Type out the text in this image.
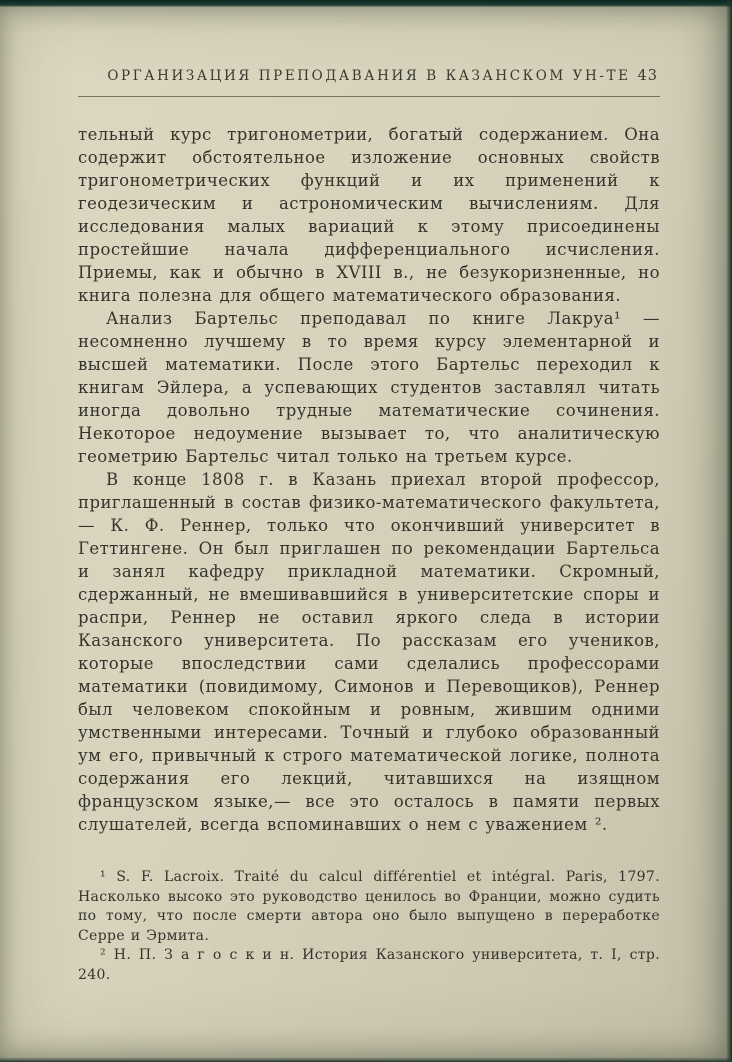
ОРГАНИЗАЦИЯ ПРЕПОДАВАНИЯ В КАЗАНСКОМ УН-ТЕ 43

тельный курс тригонометрии, богатый содержанием. Она содержит обстоятельное изложение основных свойств тригонометрических функций и их применений к геодезическим и астрономическим вычислениям. Для исследования малых вариаций к этому присоединены простейшие начала дифференциального исчисления. Приемы, как и обычно в XVIII в., не безукоризненные, но книга полезна для общего математического образования.

Анализ Бартельс преподавал по книге Лакруа¹ — несомненно лучшему в то время курсу элементарной и высшей математики. После этого Бартельс переходил к книгам Эйлера, а успевающих студентов заставлял читать иногда довольно трудные математические сочинения. Некоторое недоумение вызывает то, что аналитическую геометрию Бартельс читал только на третьем курсе.

В конце 1808 г. в Казань приехал второй профессор, приглашенный в состав физико-математического факультета,— К. Ф. Реннер, только что окончивший университет в Геттингене. Он был приглашен по рекомендации Бартельса и занял кафедру прикладной математики. Скромный, сдержанный, не вмешивавшийся в университетские споры и распри, Реннер не оставил яркого следа в истории Казанского университета. По рассказам его учеников, которые впоследствии сами сделались профессорами математики (повидимому, Симонов и Перевощиков), Реннер был человеком спокойным и ровным, жившим одними умственными интересами. Точный и глубоко образованный ум его, привычный к строго математической логике, полнота содержания его лекций, читавшихся на изящном французском языке,— все это осталось в памяти первых слушателей, всегда вспоминавших о нем с уважением ².

¹ S. F. Lacroix. Traité du calcul différentiel et intégral. Paris, 1797. Насколько высоко это руководство ценилось во Франции, можно судить по тому, что после смерти автора оно было выпущено в переработке Серре и Эрмита.

² Н. П. З а г о с к и н. История Казанского университета, т. I, стр. 240.
